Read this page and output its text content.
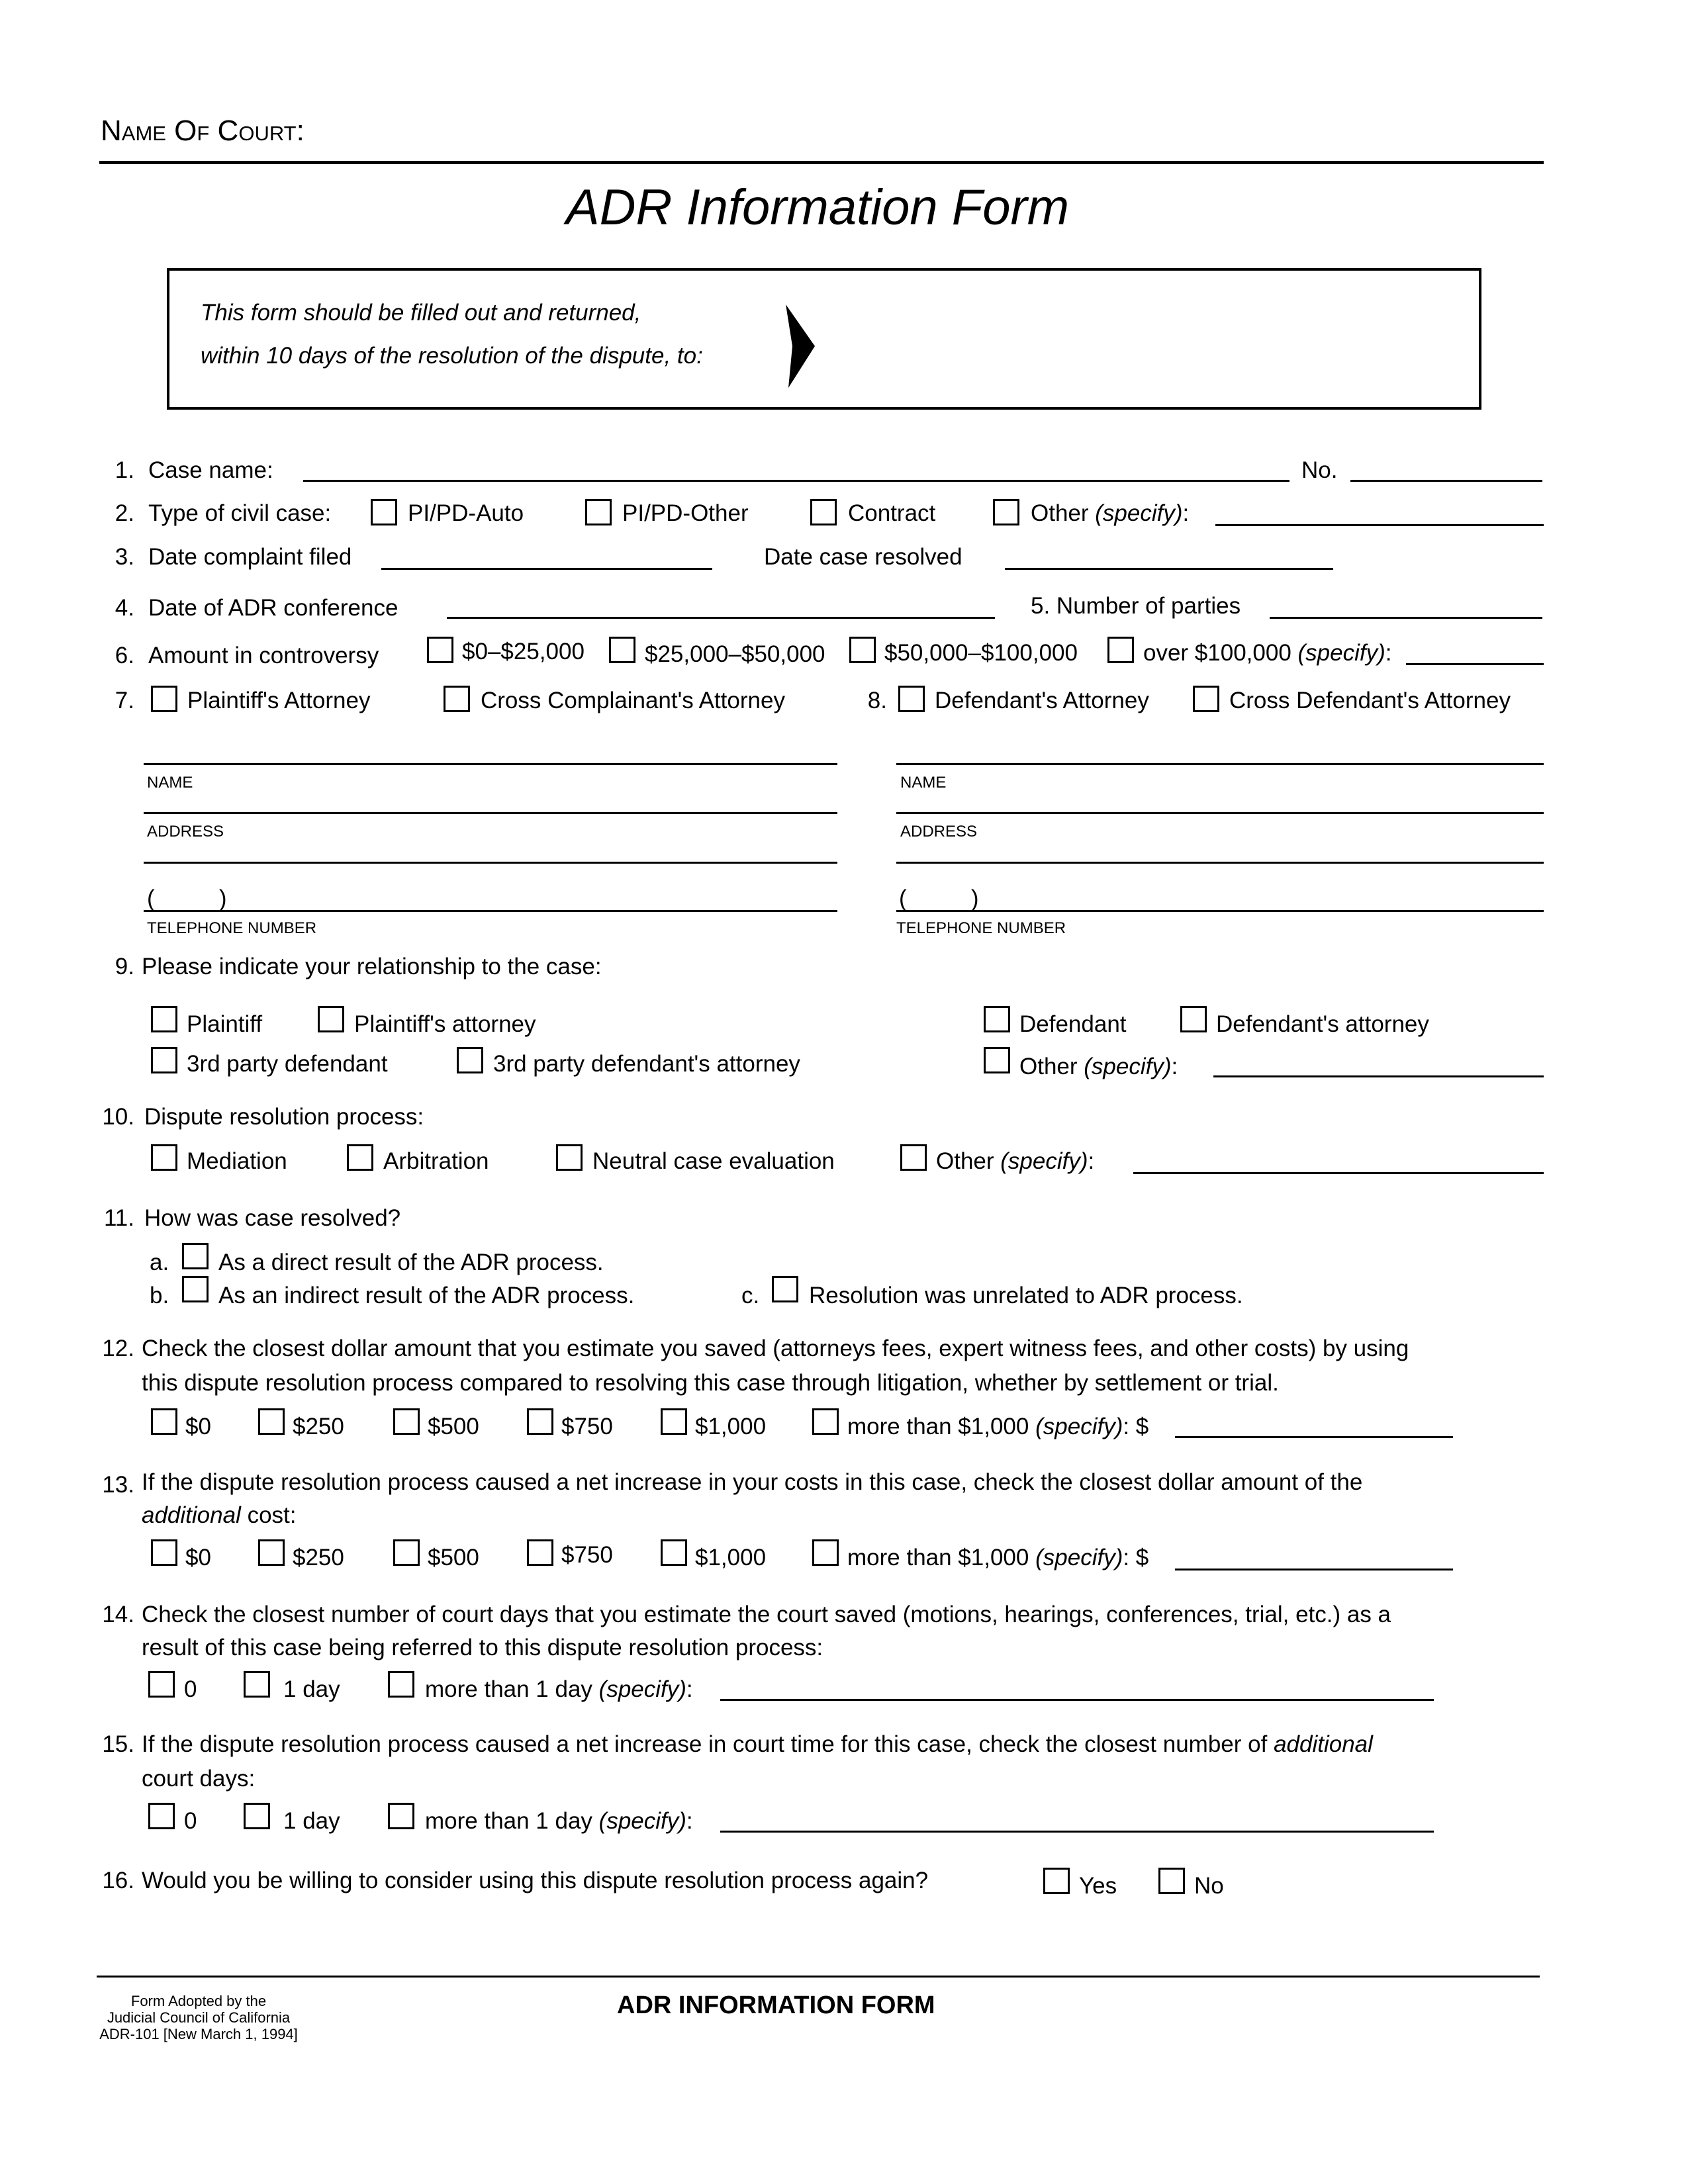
Name Of Court:
ADR Information Form
This form should be filled out and returned,
within 10 days of the resolution of the dispute, to:
1. Case name:	No.
2. Type of civil case:	PI/PD-Auto	PI/PD-Other	Contract	Other (specify):
3. Date complaint filed	Date case resolved
4. Date of ADR conference	5. Number of parties
6. Amount in controversy	$0–$25,000	$25,000–$50,000	$50,000–$100,000	over $100,000 (specify):
7. Plaintiff's Attorney	Cross Complainant's Attorney	8. Defendant's Attorney	Cross Defendant's Attorney
NAME
ADDRESS
(          )
TELEPHONE NUMBER
NAME
ADDRESS
(          )
TELEPHONE NUMBER
9. Please indicate your relationship to the case:
Plaintiff	Plaintiff's attorney
3rd party defendant	3rd party defendant's attorney
Defendant	Defendant's attorney
Other (specify):
10. Dispute resolution process:
Mediation	Arbitration	Neutral case evaluation	Other (specify):
11. How was case resolved?
a. As a direct result of the ADR process.
b. As an indirect result of the ADR process.	c. Resolution was unrelated to ADR process.
12. Check the closest dollar amount that you estimate you saved (attorneys fees, expert witness fees, and other costs) by using
this dispute resolution process compared to resolving this case through litigation, whether by settlement or trial.
$0	$250	$500	$750	$1,000	more than $1,000 (specify): $
13. If the dispute resolution process caused a net increase in your costs in this case, check the closest dollar amount of the
additional cost:
$0	$250	$500	$750	$1,000	more than $1,000 (specify): $
14. Check the closest number of court days that you estimate the court saved (motions, hearings, conferences, trial, etc.) as a
result of this case being referred to this dispute resolution process:
0	1 day	more than 1 day (specify):
15. If the dispute resolution process caused a net increase in court time for this case, check the closest number of additional
court days:
0	1 day	more than 1 day (specify):
16. Would you be willing to consider using this dispute resolution process again?	Yes	No
Form Adopted by the
Judicial Council of California
ADR-101 [New March 1, 1994]
ADR INFORMATION FORM
